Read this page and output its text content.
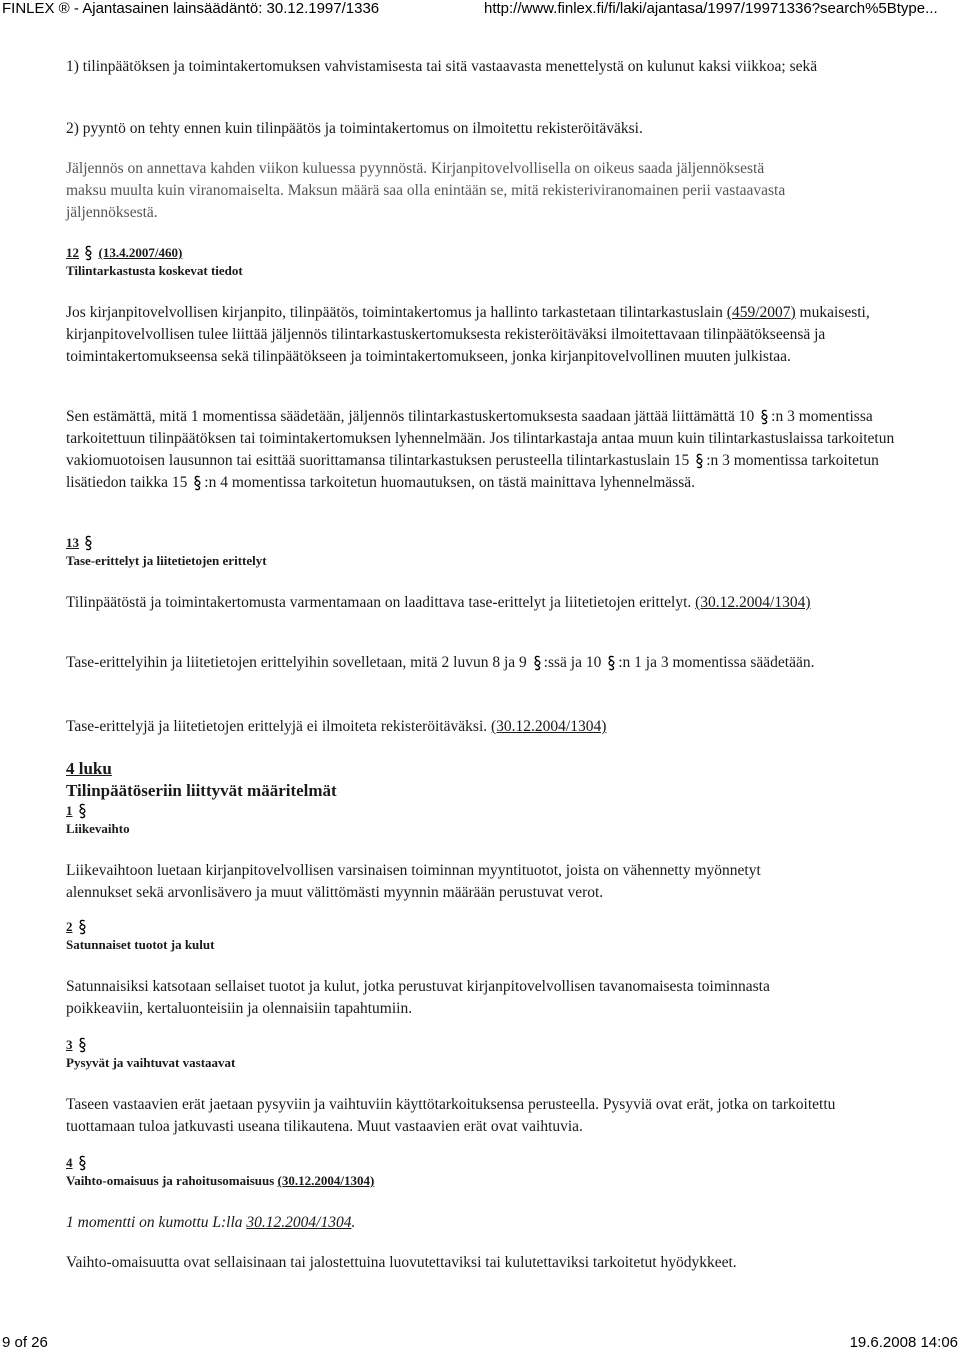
FINLEX ® - Ajantasainen lainsäädäntö: 30.12.1997/1336	http://www.finlex.fi/fi/laki/ajantasa/1997/19971336?search%5Btype...

1) tilinpäätöksen ja toimintakertomuksen vahvistamisesta tai sitä vastaavasta menettelystä on kulunut kaksi viikkoa; sekä

2) pyyntö on tehty ennen kuin tilinpäätös ja toimintakertomus on ilmoitettu rekisteröitäväksi.

Jäljennös on annettava kahden viikon kuluessa pyynnöstä. Kirjanpitovelvollisella on oikeus saada jäljennöksestä maksu muulta kuin viranomaiselta. Maksun määrä saa olla enintään se, mitä rekisteriviranomainen perii vastaavasta jäljennöksestä.

12 (13.4.2007/460)
Tilintarkastusta koskevat tiedot

Jos kirjanpitovelvollisen kirjanpito, tilinpäätös, toimintakertomus ja hallinto tarkastetaan tilintarkastuslain (459/2007) mukaisesti, kirjanpitovelvollisen tulee liittää jäljennös tilintarkastuskertomuksesta rekisteröitäväksi ilmoitettavaan tilinpäätökseensä ja toimintakertomukseensa sekä tilinpäätökseen ja toimintakertomukseen, jonka kirjanpitovelvollinen muuten julkistaa.

Sen estämättä, mitä 1 momentissa säädetään, jäljennös tilintarkastuskertomuksesta saadaan jättää liittämättä 10 :n 3 momentissa tarkoitettuun tilinpäätöksen tai toimintakertomuksen lyhennelmään. Jos tilintarkastaja antaa muun kuin tilintarkastuslaissa tarkoitetun vakiomuotoisen lausunnon tai esittää suorittamansa tilintarkastuksen perusteella tilintarkastuslain 15 :n 3 momentissa tarkoitetun lisätiedon taikka 15 :n 4 momentissa tarkoitetun huomautuksen, on tästä mainittava lyhennelmässä.

13
Tase-erittelyt ja liitetietojen erittelyt

Tilinpäätöstä ja toimintakertomusta varmentamaan on laadittava tase-erittelyt ja liitetietojen erittelyt. (30.12.2004/1304)

Tase-erittelyihin ja liitetietojen erittelyihin sovelletaan, mitä 2 luvun 8 ja 9 :ssä ja 10 :n 1 ja 3 momentissa säädetään.

Tase-erittelyjä ja liitetietojen erittelyjä ei ilmoiteta rekisteröitäväksi. (30.12.2004/1304)

4 luku
Tilinpäätöseriin liittyvät määritelmät
1
Liikevaihto

Liikevaihtoon luetaan kirjanpitovelvollisen varsinaisen toiminnan myyntituotot, joista on vähennetty myönnetyt alennukset sekä arvonlisävero ja muut välittömästi myynnin määrään perustuvat verot.

2
Satunnaiset tuotot ja kulut

Satunnaisiksi katsotaan sellaiset tuotot ja kulut, jotka perustuvat kirjanpitovelvollisen tavanomaisesta toiminnasta poikkeaviin, kertaluonteisiin ja olennaisiin tapahtumiin.

3
Pysyvät ja vaihtuvat vastaavat

Taseen vastaavien erät jaetaan pysyviin ja vaihtuviin käyttötarkoituksensa perusteella. Pysyviä ovat erät, jotka on tarkoitettu tuottamaan tuloa jatkuvasti useana tilikautena. Muut vastaavien erät ovat vaihtuvia.

4
Vaihto-omaisuus ja rahoitusomaisuus (30.12.2004/1304)

1 momentti on kumottu L:lla 30.12.2004/1304.

Vaihto-omaisuutta ovat sellaisinaan tai jalostettuina luovutettaviksi tai kulutettaviksi tarkoitetut hyödykkeet.

9 of 26	19.6.2008 14:06
